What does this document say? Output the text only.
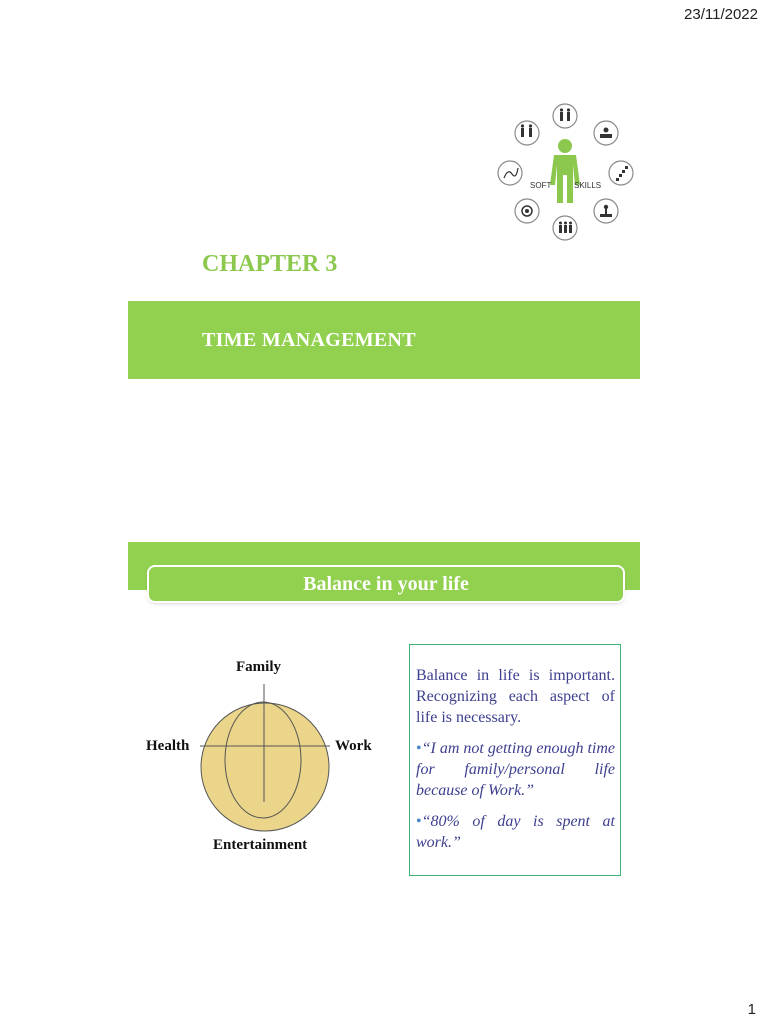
23/11/2022
SOFT	SKILLS
CHAPTER 3
TIME MANAGEMENT
Balance in your life
Family
Health	Work
Entertainment

Balance in life is important. Recognizing each aspect of life is necessary.

•“I am not getting enough time for family/personal life because of Work.”

•“80% of day is spent at work.”

1
